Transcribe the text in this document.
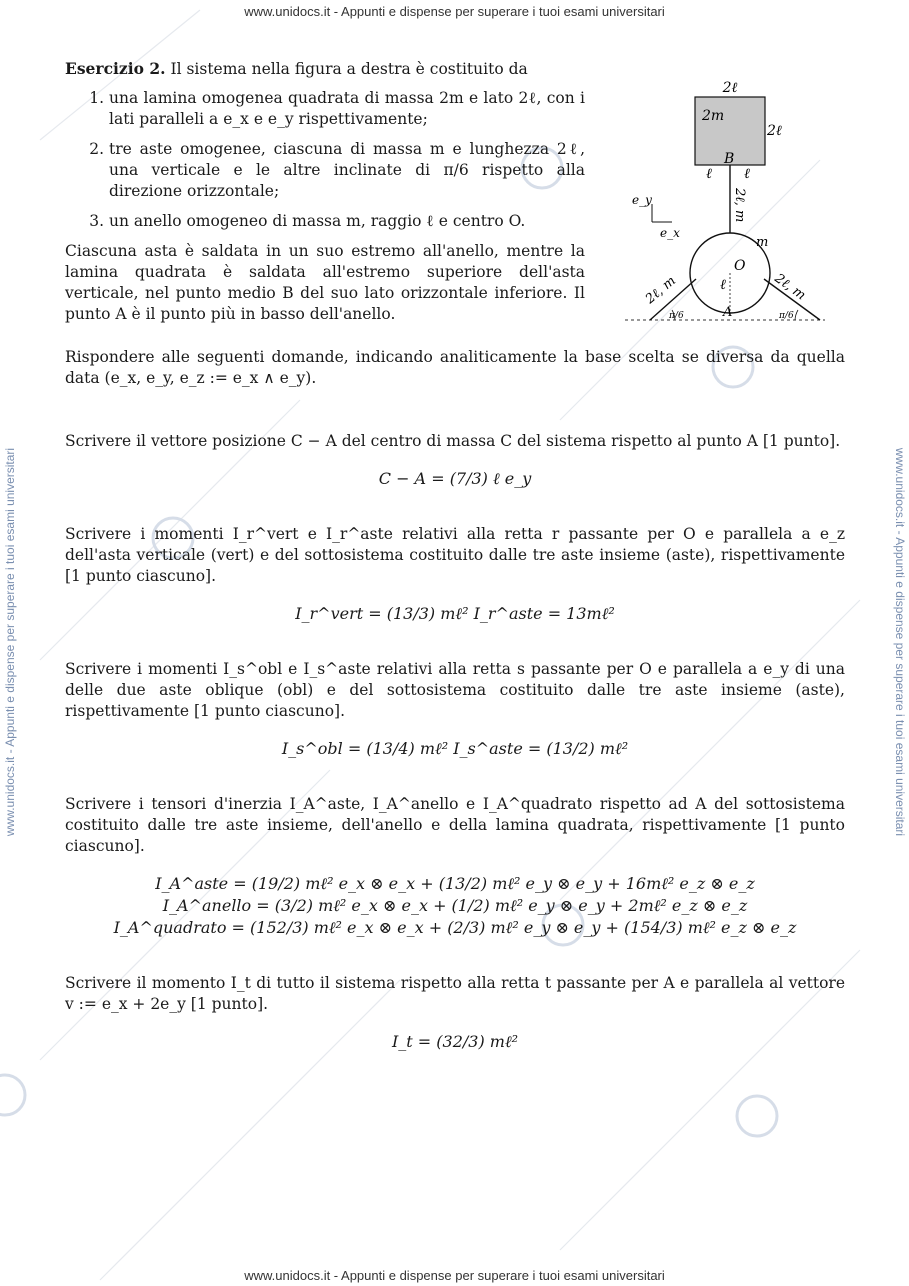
www.unidocs.it - Appunti e dispense per superare i tuoi esami universitari
www.unidocs.it - Appunti e dispense per superare i tuoi esami universitari
www.unidocs.it - Appunti e dispense per superare i tuoi esami universitari	www.unidocs.it - Appunti e dispense per superare i tuoi esami universitari

Esercizio 2. Il sistema nella figura a destra è costituito da

1. una lamina omogenea quadrata di massa 2m e lato 2ℓ, con i lati paralleli a e_x e e_y rispettivamente;
2. tre aste omogenee, ciascuna di massa m e lunghezza 2ℓ, una verticale e le altre inclinate di π/6 rispetto alla direzione orizzontale;
3. un anello omogeneo di massa m, raggio ℓ e centro O.

Ciascuna asta è saldata in un suo estremo all'anello, mentre la lamina quadrata è saldata all'estremo superiore dell'asta verticale, nel punto medio B del suo lato orizzontale inferiore. Il punto A è il punto più in basso dell'anello.

Rispondere alle seguenti domande, indicando analiticamente la base scelta se diversa da quella data (e_x, e_y, e_z := e_x ∧ e_y).

Scrivere il vettore posizione C − A del centro di massa C del sistema rispetto al punto A [1 punto].

C − A = (7/3) ℓ e_y

Scrivere i momenti I_r^vert e I_r^aste relativi alla retta r passante per O e parallela a e_z dell'asta verticale (vert) e del sottosistema costituito dalle tre aste insieme (aste), rispettivamente [1 punto ciascuno].

I_r^vert = (13/3) mℓ² I_r^aste = 13mℓ²

Scrivere i momenti I_s^obl e I_s^aste relativi alla retta s passante per O e parallela a e_y di una delle due aste oblique (obl) e del sottosistema costituito dalle tre aste insieme (aste), rispettivamente [1 punto ciascuno].

I_s^obl = (13/4) mℓ² I_s^aste = (13/2) mℓ²

Scrivere i tensori d'inerzia I_A^aste, I_A^anello e I_A^quadrato rispetto ad A del sottosistema costituito dalle tre aste insieme, dell'anello e della lamina quadrata, rispettivamente [1 punto ciascuno].

I_A^aste = (19/2) mℓ² e_x ⊗ e_x + (13/2) mℓ² e_y ⊗ e_y + 16mℓ² e_z ⊗ e_z
I_A^anello = (3/2) mℓ² e_x ⊗ e_x + (1/2) mℓ² e_y ⊗ e_y + 2mℓ² e_z ⊗ e_z
I_A^quadrato = (152/3) mℓ² e_x ⊗ e_x + (2/3) mℓ² e_y ⊗ e_y + (154/3) mℓ² e_z ⊗ e_z

Scrivere il momento I_t di tutto il sistema rispetto alla retta t passante per A e parallela al vettore v := e_x + 2e_y [1 punto].

I_t = (32/3) mℓ²
2ℓ
2ℓ
2m
B
ℓ ℓ
2ℓ, m
m
O
ℓ
A
2ℓ, m	2ℓ, m
π/6	π/6
e_y
e_x
